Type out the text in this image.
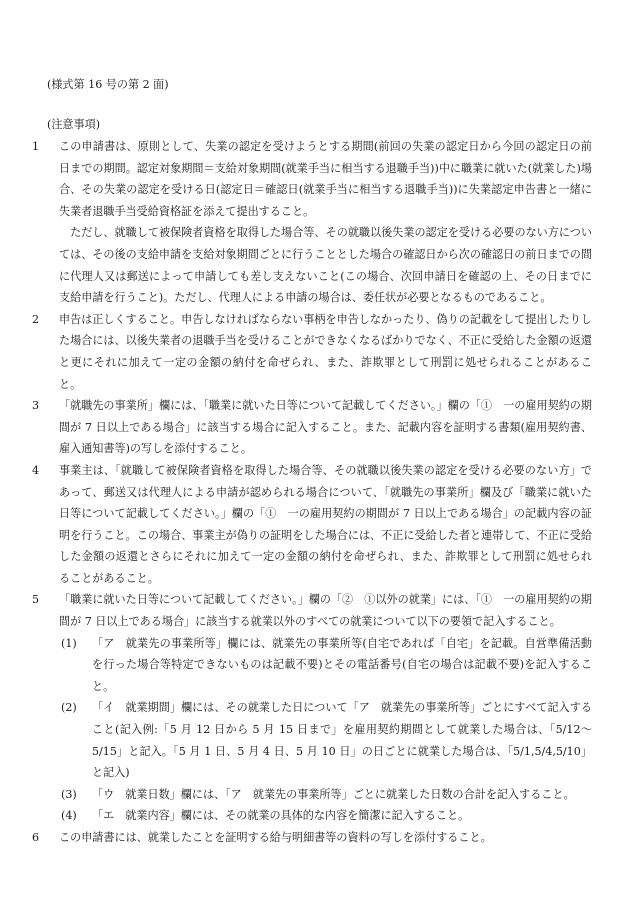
(様式第 16 号の第 2 面)
(注意事項)
1	この申請書は、原則として、失業の認定を受けようとする期間(前回の失業の認定日から今回の認定日の前日までの期間。認定対象期間＝支給対象期間(就業手当に相当する退職手当))中に職業に就いた(就業した)場合、その失業の認定を受ける日(認定日＝確認日(就業手当に相当する退職手当))に失業認定申告書と一緒に失業者退職手当受給資格証を添えて提出すること。

ただし、就職して被保険者資格を取得した場合等、その就職以後失業の認定を受ける必要のない方については、その後の支給申請を支給対象期間ごとに行うこととした場合の確認日から次の確認日の前日までの間に代理人又は郵送によって申請しても差し支えないこと(この場合、次回申請日を確認の上、その日までに支給申請を行うこと)。ただし、代理人による申請の場合は、委任状が必要となるものであること。

2	申告は正しくすること。申告しなければならない事柄を申告しなかったり、偽りの記載をして提出したりした場合には、以後失業者の退職手当を受けることができなくなるばかりでなく、不正に受給した金額の返還と更にそれに加えて一定の金額の納付を命ぜられ、また、詐欺罪として刑罰に処せられることがあること。

3	「就職先の事業所」欄には、「職業に就いた日等について記載してください。」欄の「①　一の雇用契約の期間が 7 日以上である場合」に該当する場合に記入すること。また、記載内容を証明する書類(雇用契約書、雇入通知書等)の写しを添付すること。

4	事業主は、「就職して被保険者資格を取得した場合等、その就職以後失業の認定を受ける必要のない方」であって、郵送又は代理人による申請が認められる場合について、「就職先の事業所」欄及び「職業に就いた日等について記載してください。」欄の「①　一の雇用契約の期間が 7 日以上である場合」の記載内容の証明を行うこと。この場合、事業主が偽りの証明をした場合には、不正に受給した者と連帯して、不正に受給した金額の返還とさらにそれに加えて一定の金額の納付を命ぜられ、また、詐欺罪として刑罰に処せられることがあること。

5	「職業に就いた日等について記載してください。」欄の「②　①以外の就業」には、「①　一の雇用契約の期間が 7 日以上である場合」に該当する就業以外のすべての就業について以下の要領で記入すること。

(1)	「ア　就業先の事業所等」欄には、就業先の事業所等(自宅であれば「自宅」を記載。自営準備活動を行った場合等特定できないものは記載不要)とその電話番号(自宅の場合は記載不要)を記入すること。

(2)	「イ　就業期間」欄には、その就業した日について「ア　就業先の事業所等」ごとにすべて記入すること(記入例:「5 月 12 日から 5 月 15 日まで」を雇用契約期間として就業した場合は、「5/12～5/15」と記入。「5 月 1 日、5 月 4 日、5 月 10 日」の日ごとに就業した場合は、「5/1,5/4,5/10」と記入)

(3)	「ウ　就業日数」欄には、「ア　就業先の事業所等」ごとに就業した日数の合計を記入すること。

(4)	「エ　就業内容」欄には、その就業の具体的な内容を簡潔に記入すること。

6	この申請書には、就業したことを証明する給与明細書等の資料の写しを添付すること。
